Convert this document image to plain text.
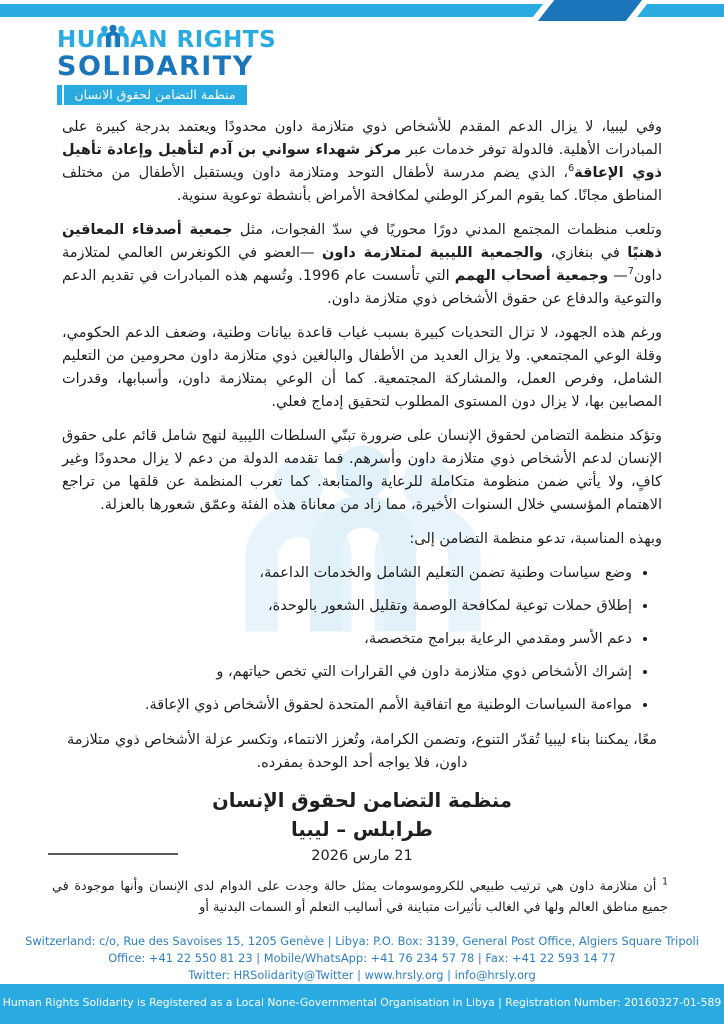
HU AN RIGHTS
SOLIDARITY
منظمة التضامن لحقوق الانسان

وفي ليبيا، لا يزال الدعم المقدم للأشخاص ذوي متلازمة داون محدودًا ويعتمد بدرجة كبيرة على المبادرات الأهلية. فالدولة توفر خدمات عبر مركز شهداء سواني بن آدم لتأهيل وإعادة تأهيل ذوي الإعاقة$^6$، الذي يضم مدرسة لأطفال التوحد ومتلازمة داون ويستقبل الأطفال من مختلف المناطق مجانًا. كما يقوم المركز الوطني لمكافحة الأمراض بأنشطة توعوية سنوية.

وتلعب منظمات المجتمع المدني دورًا محوريًا في سدّ الفجوات، مثل جمعية أصدقاء المعاقين ذهنيًا في بنغازي، والجمعية الليبية لمتلازمة داون —العضو في الكونغرس العالمي لمتلازمة داون$^7$— وجمعية أصحاب الهمم التي تأسست عام 1996. وتُسهم هذه المبادرات في تقديم الدعم والتوعية والدفاع عن حقوق الأشخاص ذوي متلازمة داون.

ورغم هذه الجهود، لا تزال التحديات كبيرة بسبب غياب قاعدة بيانات وطنية، وضعف الدعم الحكومي، وقلة الوعي المجتمعي. ولا يزال العديد من الأطفال والبالغين ذوي متلازمة داون محرومين من التعليم الشامل، وفرص العمل، والمشاركة المجتمعية. كما أن الوعي بمتلازمة داون، وأسبابها، وقدرات المصابين بها، لا يزال دون المستوى المطلوب لتحقيق إدماج فعلي.

وتؤكد منظمة التضامن لحقوق الإنسان على ضرورة تبنّي السلطات الليبية لنهج شامل قائم على حقوق الإنسان لدعم الأشخاص ذوي متلازمة داون وأسرهم. فما تقدمه الدولة من دعم لا يزال محدودًا وغير كافٍ، ولا يأتي ضمن منظومة متكاملة للرعاية والمتابعة. كما تعرب المنظمة عن قلقها من تراجع الاهتمام المؤسسي خلال السنوات الأخيرة، مما زاد من معاناة هذه الفئة وعمّق شعورها بالعزلة.

وبهذه المناسبة، تدعو منظمة التضامن إلى:

• وضع سياسات وطنية تضمن التعليم الشامل والخدمات الداعمة،
• إطلاق حملات توعية لمكافحة الوصمة وتقليل الشعور بالوحدة،
• دعم الأسر ومقدمي الرعاية ببرامج متخصصة،
• إشراك الأشخاص ذوي متلازمة داون في القرارات التي تخص حياتهم، و
• مواءمة السياسات الوطنية مع اتفاقية الأمم المتحدة لحقوق الأشخاص ذوي الإعاقة.

معًا، يمكننا بناء ليبيا تُقدّر التنوع، وتضمن الكرامة، وتُعزز الانتماء، وتكسر عزلة الأشخاص ذوي متلازمة داون، فلا يواجه أحد الوحدة بمفرده.

منظمة التضامن لحقوق الإنسان
طرابلس – ليبيا
21 مارس 2026
$^1$ أن متلازمة داون هي ترتيب طبيعي للكروموسومات يمثل حالة وجدت على الدوام لدى الإنسان وأنها موجودة في جميع مناطق العالم ولها في الغالب تأثيرات متباينة في أساليب التعلم أو السمات البدنية أو
Switzerland: c/o, Rue des Savoises 15, 1205 Genève | Libya: P.O. Box: 3139, General Post Office, Algiers Square Tripoli
Office: +41 22 550 81 23 | Mobile/WhatsApp: +41 76 234 57 78 | Fax: +41 22 593 14 77
Twitter: HRSolidarity@Twitter | www.hrsly.org | info@hrsly.org
Human Rights Solidarity is Registered as a Local None-Governmental Organisation in Libya | Registration Number: 20160327-01-589
